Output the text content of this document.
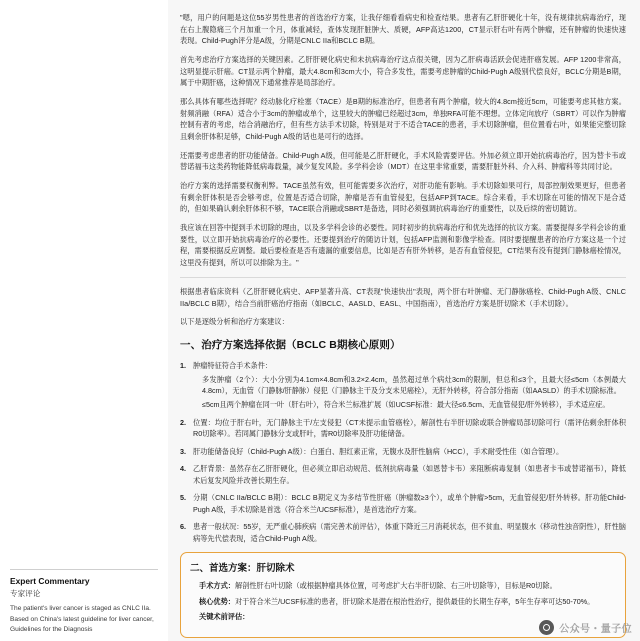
Expert Commentary
专家评论
The patient's liver cancer is staged as CNLC IIa. Based on China's latest guideline for liver cancer, Guidelines for the Diagnosis

"嗯，用户的问题是这位55岁男性患者的首选治疗方案，让我仔细看看病史和检查结果。患者有乙肝肝硬化十年，没有规律抗病毒治疗，现在右上腹隐痛三个月加重一个月，体重减轻，查体发现肝脏肿大、质硬，AFP高达1200，CT显示肝右叶有两个肿瘤，还有肿瘤的快速快速表现。Child-Pugh评分是A级，分期是CNLC IIa和BCLC B期。

首先考虑治疗方案选择的关键因素。乙肝肝硬化病史和未抗病毒治疗这点很关键，因为乙肝病毒活跃会促进肝癌发展。AFP 1200非常高，这明显提示肝癌。CT显示两个肿瘤，最大4.8cm和3cm大小，符合多发性，需要考虑肿瘤的Child-Pugh A级别代偿良好，BCLC分期是B期，属于中期肝癌，这种情况下通常推荐是局部治疗。

那么具体有哪些选择呢？经动脉化疗栓塞（TACE）是B期的标准治疗，但患者有两个肿瘤，较大的4.8cm接近5cm，可能要考虑其他方案。射频消融（RFA）适合小于3cm的肿瘤或单个，这里较大的肿瘤已经超过3cm，单独RFA可能不理想。立体定向放疗（SBRT）可以作为肿瘤控制有者的考虑，结合消融治疗，但有些方法手术切除，特别是对于不适合TACE的患者，手术切除肿瘤，但位置看右叶，如果能完整切除且剩余肝体积足够，Child-Pugh A级的话也是可行的选择。

还需要考虑患者的肝功能储备。Child-Pugh A级，但可能是乙肝肝硬化，手术风险需要评估。外加必须立即开始抗病毒治疗，因为替卡韦或替诺福韦这类药物能降低病毒载量，减少复发风险。多学科会诊（MDT）在这里非常重要，需要肝脏外科、介入科、肿瘤科等共同讨论。

治疗方案的选择需要权衡利弊。TACE虽然有效，但可能需要多次治疗，对肝功能有影响。手术切除如果可行，局部控制效果更好，但患者有剩余肝体积是否会够考虑，位置是否适合切除，肿瘤是否有血管侵犯，包括AFP到TACE。综合来看，手术切除在可能的情况下是合适的，但如果确认剩余肝体积不够，TACE联合消融或SBRT是备选，同时必须强调抗病毒治疗的重要性，以及后续的密切随访。

我应该在回答中提到手术切除的理由，以及多学科会诊的必要性。同时初步的抗病毒治疗和优先选择的抗议方案。需要提得多学科会诊的重要性，以立即开始抗病毒治疗的必要性。还要提到治疗的随访计划，包括AFP监测和影像学检查。同时要提醒患者的治疗方案这是一个过程，需要根据反应调整。最后要检查是否有遗漏的重要信息，比如是否有肝外转移，是否有血管侵犯，CT结果有没有提到门静脉癌栓情况，这里没有提到，所以可以排除为主。"

根据患者临床资料（乙肝肝硬化病史、AFP显著升高、CT表现"快速快出"表现，两个肝右叶肿瘤、无门静脉癌栓、Child-Pugh A级、CNLC IIa/BCLC B期），结合当前肝癌治疗指南（如BCLC、AASLD、EASL、中国指南），首选治疗方案是肝切除术（手术切除）。

以下是逐级分析和治疗方案建议：

一、治疗方案选择依据（BCLC B期核心原则）
肿瘤特征符合手术条件：
多发肿瘤（2个）：大小分别为4.1cm×4.8cm和3.2×2.4cm，虽然超过单个病灶3cm的限制，但总和≤3个，且最大径≤5cm（本例最大4.8cm），无血管（门静脉/肝静脉）侵犯（门静脉主干及分支未见癌栓），无肝外转移，符合部分指南（如AASLD）的手术切除标准。
≤5cm且两个肿瘤在同一叶（肝右叶），符合米兰标准扩展（如UCSF标准：最大径≤6.5cm、无血管侵犯/肝外转移），手术适应症。
位置：均位于肝右叶，无门静脉主干/左支侵犯（CT未提示血管癌栓），解剖性右半肝切除或联合肿瘤局部切除可行（需评估剩余肝体积R0切除率）。若同属门静脉分支或肝叶，需R0切除率及肝功能储备。
肝功能储备良好（Child-Pugh A级）：白蛋白、胆红素正常，无腹水及肝性脑病（HCC），手术耐受性佳（如合管理）。
乙肝背景：虽然存在乙肝肝硬化，但必须立即启动规范、低剂抗病毒量（如恩替卡韦）来阻断病毒复制（如患者卡韦或替诺福韦），降低术后复发风险并改善长期生存。
分期（CNLC IIa/BCLC B期）：BCLC B期定义为多结节性肝癌（肿瘤数≥3个），或单个肿瘤>5cm，无血管侵犯/肝外转移。肝功能Child-Pugh A级，手术切除是首选（符合米兰/UCSF标准），是首选治疗方案。
患者一般状况：55岁，无严重心肺疾病（需完善术前评估），体重下降近三月消耗状态，但不贫血、明显腹水（移动性浊音阴性），肝性脑病等先代偿表现，适合Child-Pugh A级。
二、首选方案：肝切除术

手术方式：解剖性肝右叶切除（或根据肿瘤具体位置，可考虑扩大右半肝切除、右三叶切除等），目标是R0切除。

核心优势：对于符合米兰/UCSF标准的患者，肝切除术是潜在根治性治疗，提供最佳的长期生存率，5年生存率可达50-70%。

关键术前评估：

公众号・量子位
